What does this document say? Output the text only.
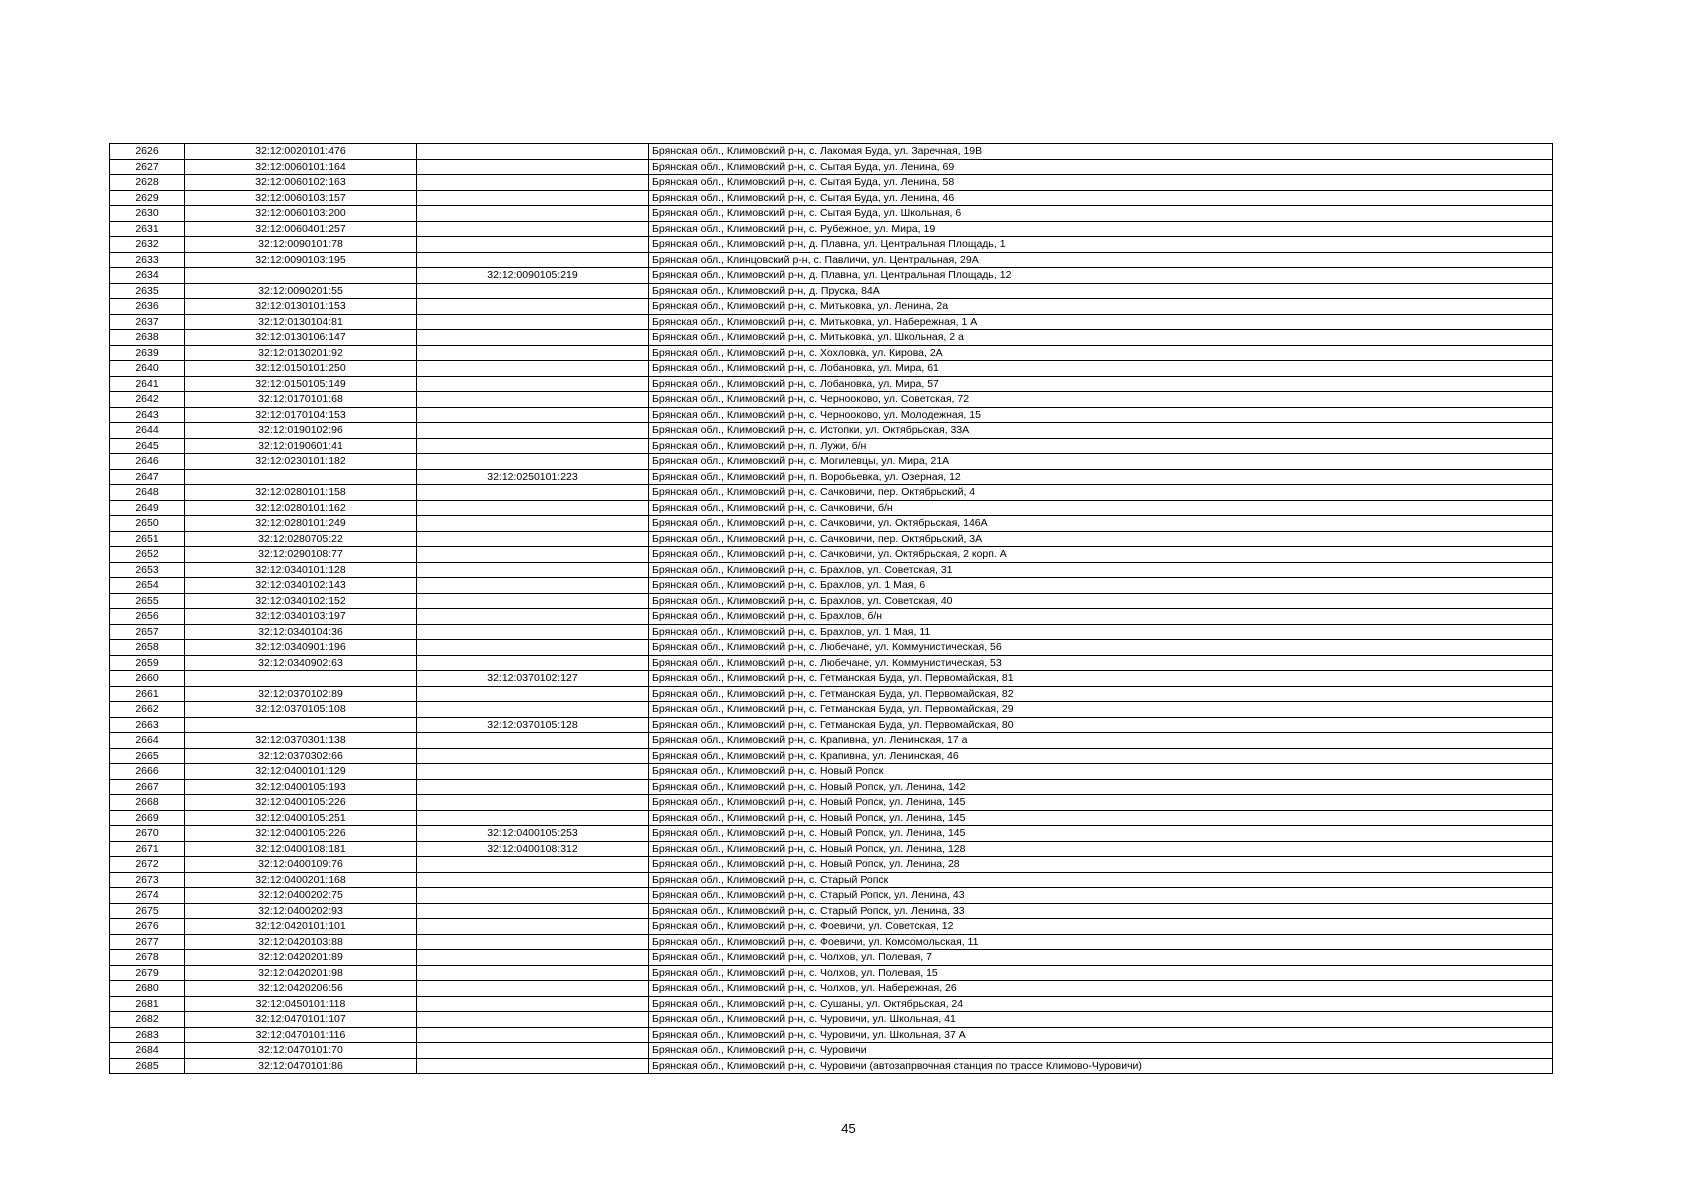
2626	32:12:0020101:476		Брянская обл., Климовский р-н, с. Лакомая Буда, ул. Заречная, 19В
2627	32:12:0060101:164		Брянская обл., Климовский р-н, с. Сытая Буда, ул. Ленина, 69
2628	32:12:0060102:163		Брянская обл., Климовский р-н, с. Сытая Буда, ул. Ленина, 58
2629	32:12:0060103:157		Брянская обл., Климовский р-н, с. Сытая Буда, ул. Ленина, 46
2630	32:12:0060103:200		Брянская обл., Климовский р-н, с. Сытая Буда, ул. Школьная, 6
2631	32:12:0060401:257		Брянская обл., Климовский р-н, с. Рубежное, ул. Мира, 19
2632	32:12:0090101:78		Брянская обл., Климовский р-н, д. Плавна, ул. Центральная Площадь, 1
2633	32:12:0090103:195		Брянская обл., Клинцовский р-н, с. Павличи, ул. Центральная, 29А
2634		32:12:0090105:219	Брянская обл., Климовский р-н, д. Плавна, ул. Центральная Площадь, 12
2635	32:12:0090201:55		Брянская обл., Климовский р-н, д. Пруска, 84А
2636	32:12:0130101:153		Брянская обл., Климовский р-н, с. Митьковка, ул. Ленина, 2а
2637	32:12:0130104:81		Брянская обл., Климовский р-н, с. Митьковка, ул. Набережная, 1 А
2638	32:12:0130106:147		Брянская обл., Климовский р-н, с. Митьковка, ул. Школьная, 2 а
2639	32:12:0130201:92		Брянская обл., Климовский р-н, с. Хохловка, ул. Кирова, 2А
2640	32:12:0150101:250		Брянская обл., Климовский р-н, с. Лобановка, ул. Мира, 61
2641	32:12:0150105:149		Брянская обл., Климовский р-н, с. Лобановка, ул. Мира, 57
2642	32:12:0170101:68		Брянская обл., Климовский р-н, с. Чернооково, ул. Советская, 72
2643	32:12:0170104:153		Брянская обл., Климовский р-н, с. Чернооково, ул. Молодежная, 15
2644	32:12:0190102:96		Брянская обл., Климовский р-н, с. Истопки, ул. Октябрьская, 33А
2645	32:12:0190601:41		Брянская обл., Климовский р-н, п. Лужи, б/н
2646	32:12:0230101:182		Брянская обл., Климовский р-н, с. Могилевцы, ул. Мира, 21А
2647		32:12:0250101:223	Брянская обл., Климовский р-н, п. Воробьевка, ул. Озерная, 12
2648	32:12:0280101:158		Брянская обл., Климовский р-н, с. Сачковичи, пер. Октябрьский, 4
2649	32:12:0280101:162		Брянская обл., Климовский р-н, с. Сачковичи, б/н
2650	32:12:0280101:249		Брянская обл., Климовский р-н, с. Сачковичи, ул. Октябрьская, 146А
2651	32:12:0280705:22		Брянская обл., Климовский р-н, с. Сачковичи, пер. Октябрьский, 3А
2652	32:12:0290108:77		Брянская обл., Климовский р-н, с. Сачковичи, ул. Октябрьская, 2 корп. А
2653	32:12:0340101:128		Брянская обл., Климовский р-н, с. Брахлов, ул. Советская, 31
2654	32:12:0340102:143		Брянская обл., Климовский р-н, с. Брахлов, ул. 1 Мая, 6
2655	32:12:0340102:152		Брянская обл., Климовский р-н, с. Брахлов, ул. Советская, 40
2656	32:12:0340103:197		Брянская обл., Климовский р-н, с. Брахлов, б/н
2657	32:12:0340104:36		Брянская обл., Климовский р-н, с. Брахлов, ул. 1 Мая, 11
2658	32:12:0340901:196		Брянская обл., Климовский р-н, с. Любечане, ул. Коммунистическая, 56
2659	32:12:0340902:63		Брянская обл., Климовский р-н, с. Любечане, ул. Коммунистическая, 53
2660		32:12:0370102:127	Брянская обл., Климовский р-н, с. Гетманская Буда, ул. Первомайская, 81
2661	32:12:0370102:89		Брянская обл., Климовский р-н, с. Гетманская Буда, ул. Первомайская, 82
2662	32:12:0370105:108		Брянская обл., Климовский р-н, с. Гетманская Буда, ул. Первомайская, 29
2663		32:12:0370105:128	Брянская обл., Климовский р-н, с. Гетманская Буда, ул. Первомайская, 80
2664	32:12:0370301:138		Брянская обл., Климовский р-н, с. Крапивна, ул. Ленинская, 17 а
2665	32:12:0370302:66		Брянская обл., Климовский р-н, с. Крапивна, ул. Ленинская, 46
2666	32:12:0400101:129		Брянская обл., Климовский р-н, с. Новый Ропск
2667	32:12:0400105:193		Брянская обл., Климовский р-н, с. Новый Ропск, ул. Ленина, 142
2668	32:12:0400105:226		Брянская обл., Климовский р-н, с. Новый Ропск, ул. Ленина, 145
2669	32:12:0400105:251		Брянская обл., Климовский р-н, с. Новый Ропск, ул. Ленина, 145
2670	32:12:0400105:226	32:12:0400105:253	Брянская обл., Климовский р-н, с. Новый Ропск, ул. Ленина, 145
2671	32:12:0400108:181	32:12:0400108:312	Брянская обл., Климовский р-н, с. Новый Ропск, ул. Ленина, 128
2672	32:12:0400109:76		Брянская обл., Климовский р-н, с. Новый Ропск, ул. Ленина, 28
2673	32:12:0400201:168		Брянская обл., Климовский р-н, с. Старый Ропск
2674	32:12:0400202:75		Брянская обл., Климовский р-н, с. Старый Ропск, ул. Ленина, 43
2675	32:12:0400202:93		Брянская обл., Климовский р-н, с. Старый Ропск, ул. Ленина, 33
2676	32:12:0420101:101		Брянская обл., Климовский р-н, с. Фоевичи, ул. Советская, 12
2677	32:12:0420103:88		Брянская обл., Климовский р-н, с. Фоевичи, ул. Комсомольская, 11
2678	32:12:0420201:89		Брянская обл., Климовский р-н, с. Чолхов, ул. Полевая, 7
2679	32:12:0420201:98		Брянская обл., Климовский р-н, с. Чолхов, ул. Полевая, 15
2680	32:12:0420206:56		Брянская обл., Климовский р-н, с. Чолхов, ул. Набережная, 26
2681	32:12:0450101:118		Брянская обл., Климовский р-н, с. Сушаны, ул. Октябрьская, 24
2682	32:12:0470101:107		Брянская обл., Климовский р-н, с. Чуровичи, ул. Школьная, 41
2683	32:12:0470101:116		Брянская обл., Климовский р-н, с. Чуровичи, ул. Школьная, 37 А
2684	32:12:0470101:70		Брянская обл., Климовский р-н, с. Чуровичи
2685	32:12:0470101:86		Брянская обл., Климовский р-н, с. Чуровичи (автозапрвочная станция по трассе Климово-Чуровичи)
45
